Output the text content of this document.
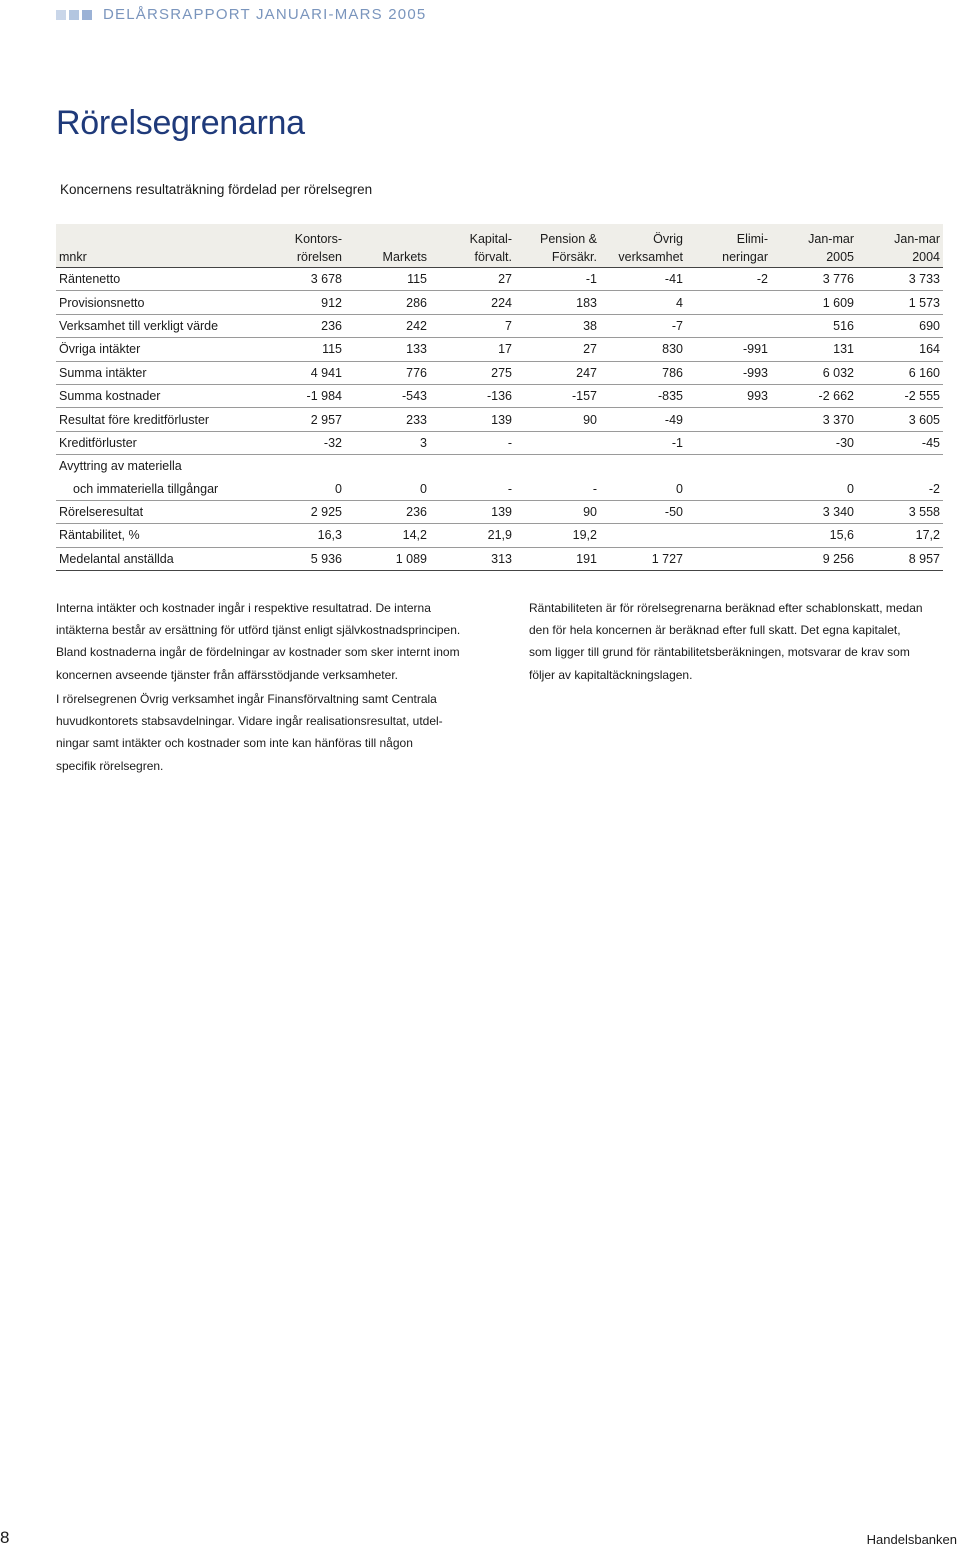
DELÅRSRAPPORT JANUARI-MARS 2005
Rörelsegrenarna
Koncernens resultaträkning fördelad per rörelsegren
	Kontors-		Kapital-	Pension &	Övrig	Elimi-	Jan-mar	Jan-mar
mnkr	rörelsen	Markets	förvalt.	Försäkr.	verksamhet	neringar	2005	2004
Räntenetto	3 678	115	27	-1	-41	-2	3 776	3 733
Provisionsnetto	912	286	224	183	4		1 609	1 573
Verksamhet till verkligt värde	236	242	7	38	-7		516	690
Övriga intäkter	115	133	17	27	830	-991	131	164
Summa intäkter	4 941	776	275	247	786	-993	6 032	6 160
Summa kostnader	-1 984	-543	-136	-157	-835	993	-2 662	-2 555
Resultat före kreditförluster	2 957	233	139	90	-49		3 370	3 605
Kreditförluster	-32	3	-		-1		-30	-45
Avyttring av materiella								
och immateriella tillgångar	0	0	-	-	0		0	-2
Rörelseresultat	2 925	236	139	90	-50		3 340	3 558
Räntabilitet, %	16,3	14,2	21,9	19,2			15,6	17,2
Medelantal anställda	5 936	1 089	313	191	1 727		9 256	8 957
Interna intäkter och kostnader ingår i respektive resultatrad. De interna
intäkterna består av ersättning för utförd tjänst enligt självkostnadsprincipen.
Bland kostnaderna ingår de fördelningar av kostnader som sker internt inom
koncernen avseende tjänster från affärsstödjande verksamheter.
I rörelsegrenen Övrig verksamhet ingår Finansförvaltning samt Centrala
huvudkontorets stabsavdelningar. Vidare ingår realisationsresultat, utdel-
ningar samt intäkter och kostnader som inte kan hänföras till någon
specifik rörelsegren.
Räntabiliteten är för rörelsegrenarna beräknad efter schablonskatt, medan
den för hela koncernen är beräknad efter full skatt. Det egna kapitalet,
som ligger till grund för räntabilitetsberäkningen, motsvarar de krav som
följer av kapitaltäckningslagen.
8	Handelsbanken
